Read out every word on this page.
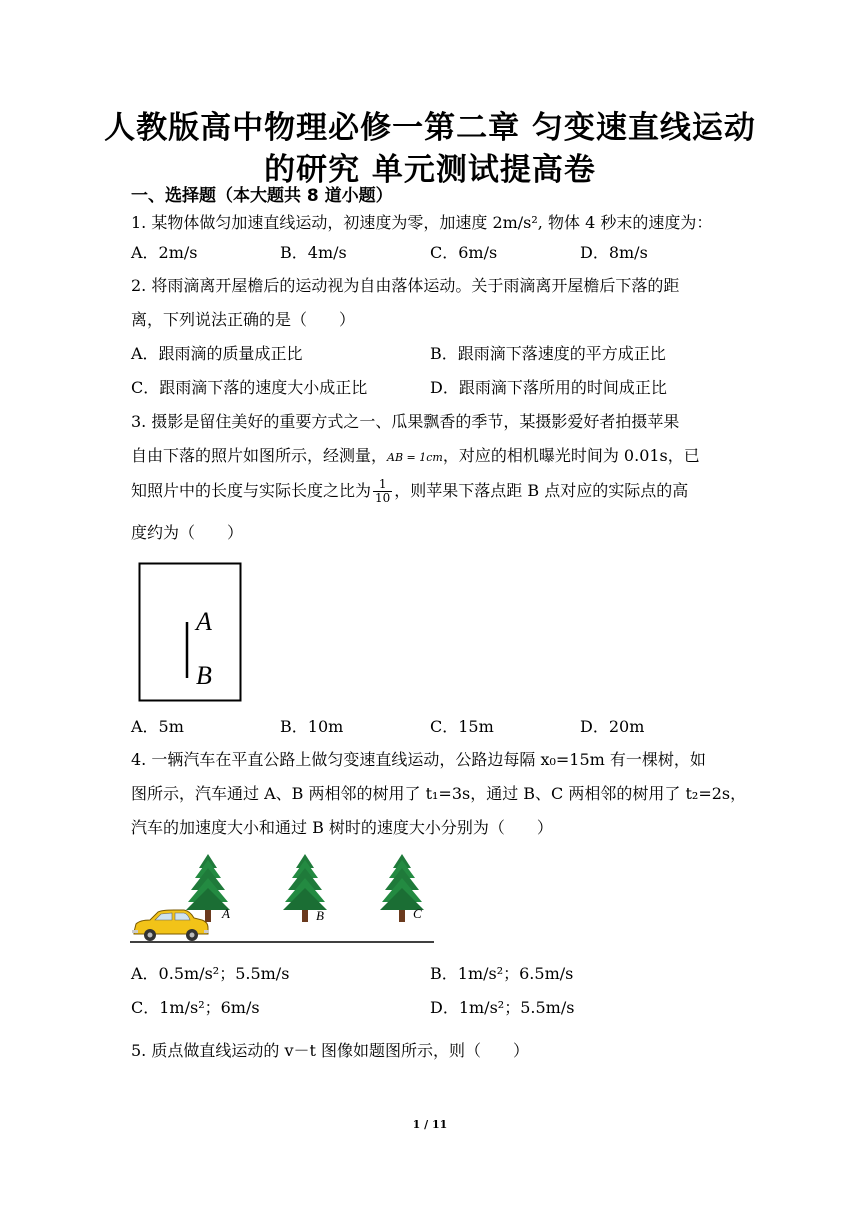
人教版高中物理必修一第二章 匀变速直线运动
的研究 单元测试提高卷
一、选择题（本大题共 8 道小题）
1. 某物体做匀加速直线运动，初速度为零，加速度 2m/s², 物体 4 秒末的速度为：
A．2m/s	B．4m/s	C．6m/s	D．8m/s
2. 将雨滴离开屋檐后的运动视为自由落体运动。关于雨滴离开屋檐后下落的距
离，下列说法正确的是（　　）
A．跟雨滴的质量成正比	B．跟雨滴下落速度的平方成正比
C．跟雨滴下落的速度大小成正比	D．跟雨滴下落所用的时间成正比
3. 摄影是留住美好的重要方式之一、瓜果飘香的季节，某摄影爱好者拍摄苹果
自由下落的照片如图所示，经测量，AB = 1cm，对应的相机曝光时间为 0.01s，已
知照片中的长度与实际长度之比为 $\frac{1}{10}$ ，则苹果下落点距 B 点对应的实际点的高
度约为（　　）
A
B
A．5m	B．10m	C．15m	D．20m
4. 一辆汽车在平直公路上做匀变速直线运动，公路边每隔 x₀=15m 有一棵树，如
图所示，汽车通过 A、B 两相邻的树用了 t₁=3s，通过 B、C 两相邻的树用了 t₂=2s，
汽车的加速度大小和通过 B 树时的速度大小分别为（　　）
A	B	C
A．0.5m/s²；5.5m/s	B．1m/s²；6.5m/s
C．1m/s²；6m/s	D．1m/s²；5.5m/s
5. 质点做直线运动的 v－t 图像如题图所示，则（　　）
1 / 11
